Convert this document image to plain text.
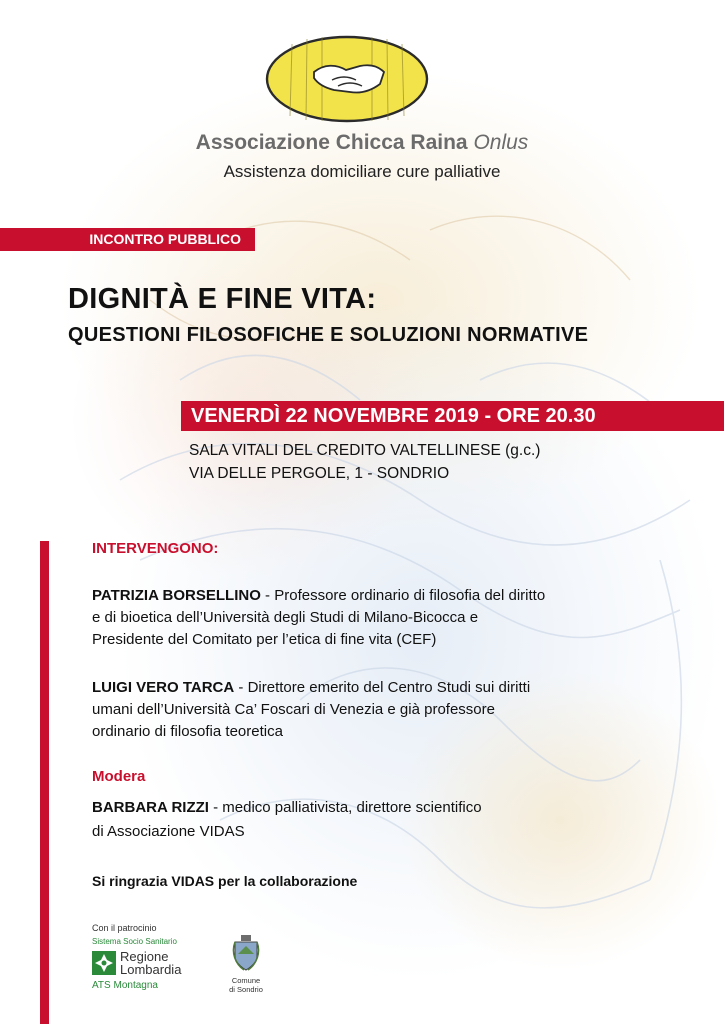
Associazione Chicca Raina Onlus
Assistenza domiciliare cure palliative
INCONTRO PUBBLICO
DIGNITÀ E FINE VITA:
QUESTIONI FILOSOFICHE E SOLUZIONI NORMATIVE
VENERDÌ 22 NOVEMBRE 2019 - ORE 20.30
SALA VITALI DEL CREDITO VALTELLINESE (g.c.)
VIA DELLE PERGOLE, 1 - SONDRIO
INTERVENGONO:
PATRIZIA BORSELLINO - Professore ordinario di filosofia del diritto
e di bioetica dell’Università degli Studi di Milano-Bicocca e
Presidente del Comitato per l’etica di fine vita (CEF)
LUIGI VERO TARCA - Direttore emerito del Centro Studi sui diritti
umani dell’Università Ca’ Foscari di Venezia e già professore
ordinario di filosofia teoretica
Modera
BARBARA RIZZI - medico palliativista, direttore scientifico
di Associazione VIDAS
Si ringrazia VIDAS per la collaborazione
Con il patrocinio
Sistema Socio Sanitario
Regione
Lombardia
ATS Montagna	Comune
di Sondrio
